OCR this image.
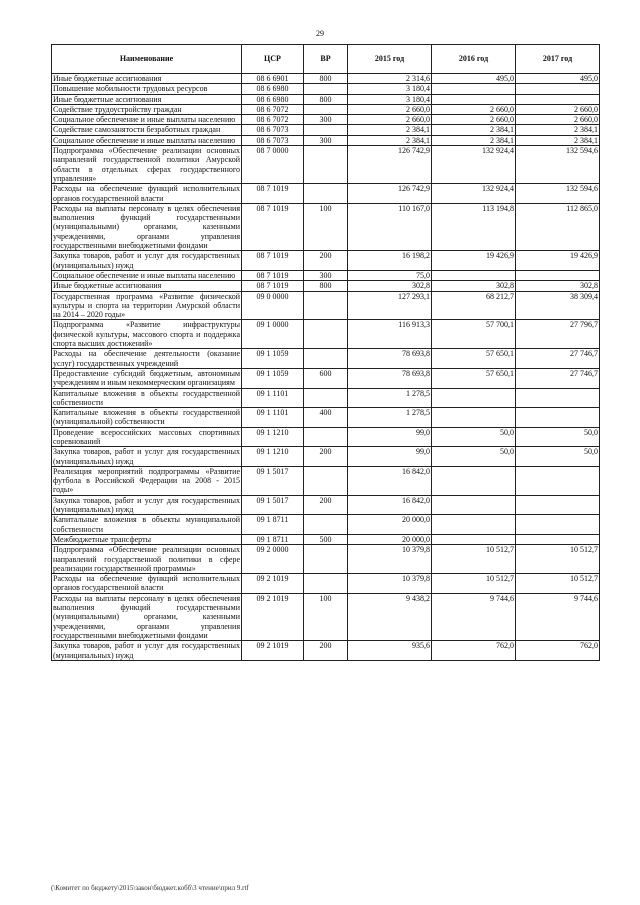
29
Наименование	ЦСР	ВР	2015 год	2016 год	2017 год
Иные бюджетные ассигнования	08 6 6901	800	2 314,6	495,0	495,0
Повышение мобильности трудовых ресурсов	08 6 6980		3 180,4		
Иные бюджетные ассигнования	08 6 6980	800	3 180,4		
Содействие трудоустройству граждан	08 6 7072		2 660,0	2 660,0	2 660,0
Социальное обеспечение и иные выплаты населению	08 6 7072	300	2 660,0	2 660,0	2 660,0
Содействие самозанятости безработных граждан	08 6 7073		2 384,1	2 384,1	2 384,1
Социальное обеспечение и иные выплаты населению	08 6 7073	300	2 384,1	2 384,1	2 384,1
Подпрограмма «Обеспечение реализации основных направлений государственной политики Амурской области в отдельных сферах государственного управления»	08 7 0000		126 742,9	132 924,4	132 594,6
Расходы на обеспечение функций исполнительных органов государственной власти	08 7 1019		126 742,9	132 924,4	132 594,6
Расходы на выплаты персоналу в целях обеспечения выполнения функций государственными (муниципальными) органами, казенными учреждениями, органами управления государственными внебюджетными фондами	08 7 1019	100	110 167,0	113 194,8	112 865,0
Закупка товаров, работ и услуг для государственных (муниципальных) нужд	08 7 1019	200	16 198,2	19 426,9	19 426,9
Социальное обеспечение и иные выплаты населению	08 7 1019	300	75,0		
Иные бюджетные ассигнования	08 7 1019	800	302,8	302,8	302,8
Государственная программа «Развитие физической культуры и спорта на территории Амурской области на 2014 – 2020 годы»	09 0 0000		127 293,1	68 212,7	38 309,4
Подпрограмма «Развитие инфраструктуры физической культуры, массового спорта и поддержка спорта высших достижений»	09 1 0000		116 913,3	57 700,1	27 796,7
Расходы на обеспечение деятельности (оказание услуг) государственных учреждений	09 1 1059		78 693,8	57 650,1	27 746,7
Предоставление субсидий бюджетным, автономным учреждениям и иным некоммерческим организациям	09 1 1059	600	78 693,8	57 650,1	27 746,7
Капитальные вложения в объекты государственной собственности	09 1 1101		1 278,5		
Капитальные вложения в объекты государственной (муниципальной) собственности	09 1 1101	400	1 278,5		
Проведение всероссийских массовых спортивных соревнований	09 1 1210		99,0	50,0	50,0
Закупка товаров, работ и услуг для государственных (муниципальных) нужд	09 1 1210	200	99,0	50,0	50,0
Реализация мероприятий подпрограммы «Развитие футбола в Российской Федерации на 2008 - 2015 годы»	09 1 5017		16 842,0		
Закупка товаров, работ и услуг для государственных (муниципальных) нужд	09 1 5017	200	16 842,0		
Капитальные вложения в объекты муниципальной собственности	09 1 8711		20 000,0		
Межбюджетные трансферты	09 1 8711	500	20 000,0		
Подпрограмма «Обеспечение реализации основных направлений государственной политики в сфере реализации государственной программы»	09 2 0000		10 379,8	10 512,7	10 512,7
Расходы на обеспечение функций исполнительных органов государственной власти	09 2 1019		10 379,8	10 512,7	10 512,7
Расходы на выплаты персоналу в целях обеспечения выполнения функций государственными (муниципальными) органами, казенными учреждениями, органами управления государственными внебюджетными фондами	09 2 1019	100	9 438,2	9 744,6	9 744,6
Закупка товаров, работ и услуг для государственных (муниципальных) нужд	09 2 1019	200	935,6	762,0	762,0
(\Комитет по бюджету\2015\закон\бюджет.кобб\3 чтение\прил 9.rtf
